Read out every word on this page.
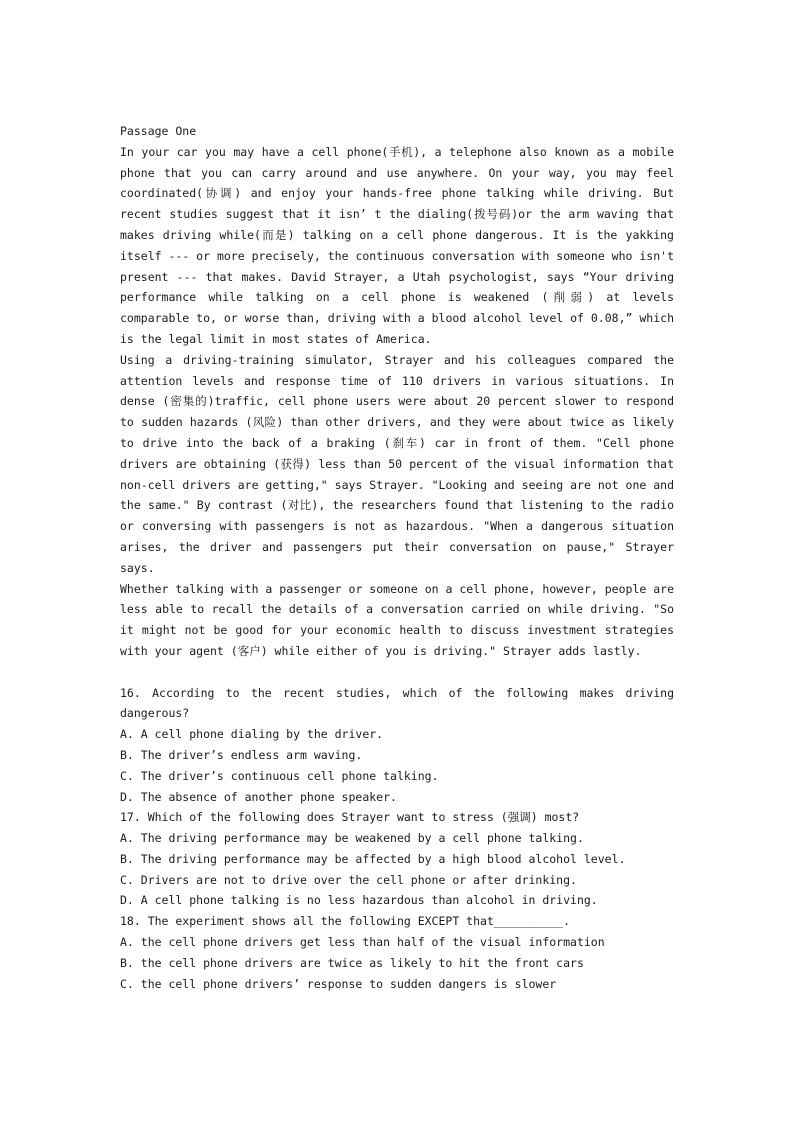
Passage One

In your car you may have a cell phone(手机), a telephone also known as a mobile phone that you can carry around and use anywhere. On your way, you may feel coordinated(协调) and enjoy your hands-free phone talking while driving. But recent studies suggest that it isn’ t the dialing(拨号码)or the arm waving that makes driving while(而是) talking on a cell phone dangerous. It is the yakking itself --- or more precisely, the continuous conversation with someone who isn't present --- that makes. David Strayer, a Utah psychologist, says “Your driving performance while talking on a cell phone is weakened (削弱) at levels comparable to, or worse than, driving with a blood alcohol level of 0.08,” which is the legal limit in most states of America.

Using a driving-training simulator, Strayer and his colleagues compared the attention levels and response time of 110 drivers in various situations. In dense (密集的)traffic, cell phone users were about 20 percent slower to respond to sudden hazards (风险) than other drivers, and they were about twice as likely to drive into the back of a braking (刹车) car in front of them. "Cell phone drivers are obtaining (获得) less than 50 percent of the visual information that non-cell drivers are getting," says Strayer. "Looking and seeing are not one and the same." By contrast (对比), the researchers found that listening to the radio or conversing with passengers is not as hazardous. "When a dangerous situation arises, the driver and passengers put their conversation on pause," Strayer says.

Whether talking with a passenger or someone on a cell phone, however, people are less able to recall the details of a conversation carried on while driving. "So it might not be good for your economic health to discuss investment strategies with your agent (客户) while either of you is driving." Strayer adds lastly.

16. According to the recent studies, which of the following makes driving dangerous?

A. A cell phone dialing by the driver.

B. The driver’s endless arm waving.

C. The driver’s continuous cell phone talking.

D. The absence of another phone speaker.

17. Which of the following does Strayer want to stress (强调) most?

A. The driving performance may be weakened by a cell phone talking.

B. The driving performance may be affected by a high blood alcohol level.

C. Drivers are not to drive over the cell phone or after drinking.

D. A cell phone talking is no less hazardous than alcohol in driving.

18. The experiment shows all the following EXCEPT that__________.

A. the cell phone drivers get less than half of the visual information

B. the cell phone drivers are twice as likely to hit the front cars

C. the cell phone drivers’ response to sudden dangers is slower
